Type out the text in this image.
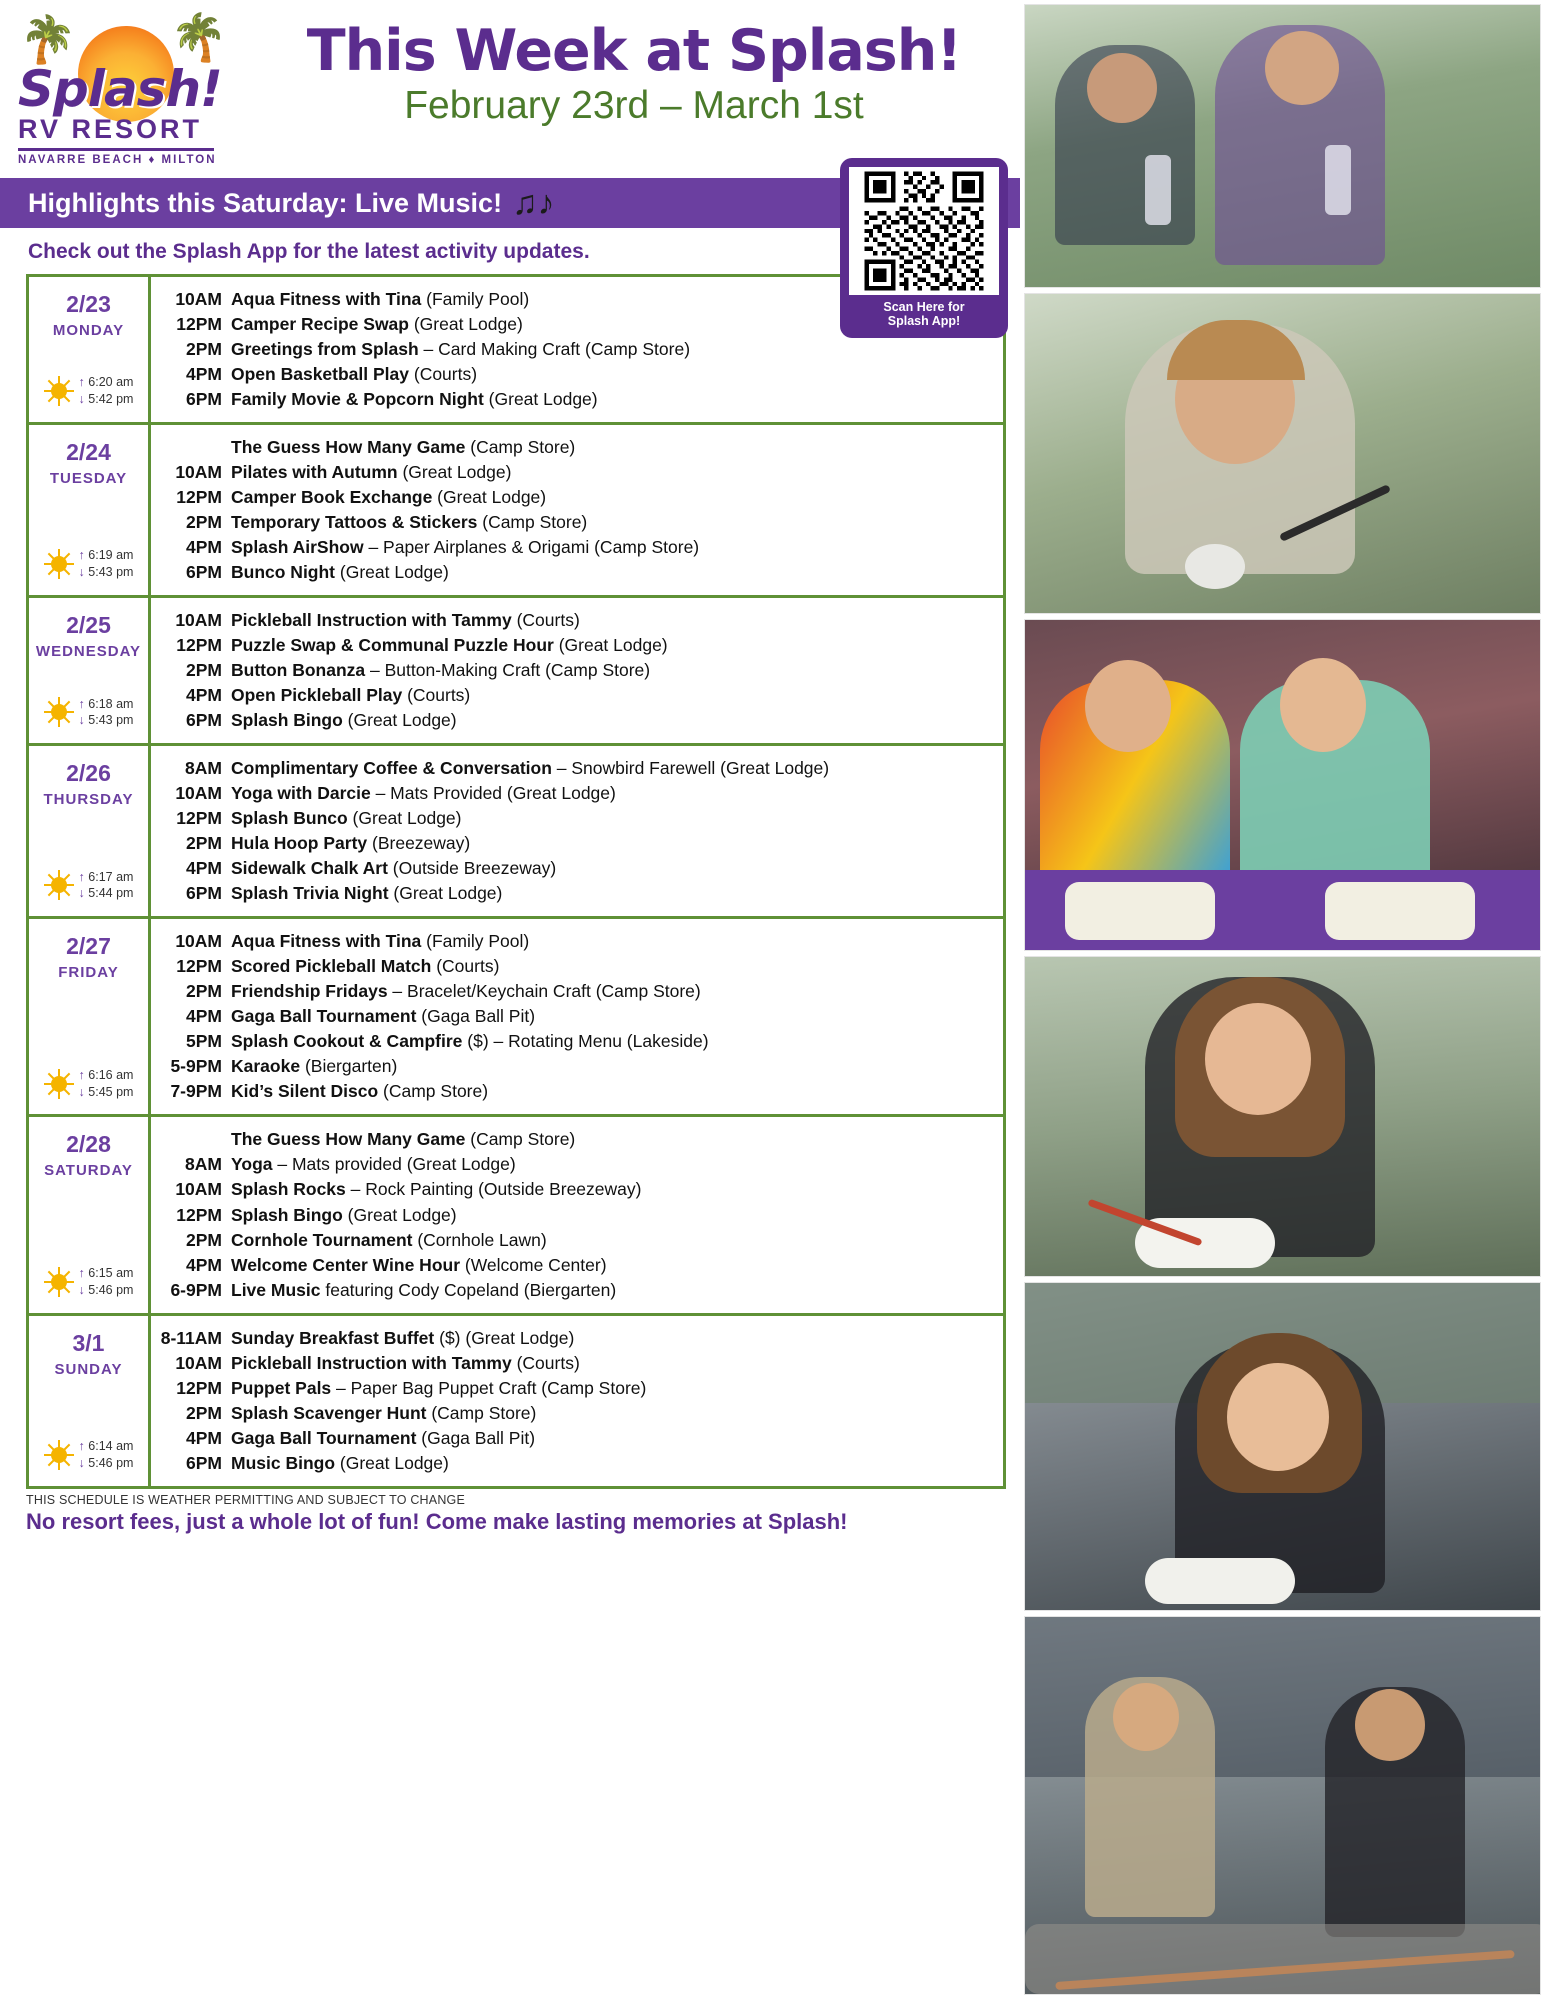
🌴 🌴
Splash!
RV RESORT
NAVARRE BEACH ♦ MILTON
This Week at Splash!
February 23rd – March 1st
Highlights this Saturday: Live Music! ♫♪
Check out the Splash App for the latest activity updates.
2/23
MONDAY
↑ 6:20 am
↓ 5:42 pm
10AM Aqua Fitness with Tina (Family Pool)
12PM Camper Recipe Swap (Great Lodge)
2PM Greetings from Splash – Card Making Craft (Camp Store)
4PM Open Basketball Play (Courts)
6PM Family Movie & Popcorn Night (Great Lodge)
2/24
TUESDAY
↑ 6:19 am
↓ 5:43 pm
The Guess How Many Game (Camp Store)
10AM Pilates with Autumn (Great Lodge)
12PM Camper Book Exchange (Great Lodge)
2PM Temporary Tattoos & Stickers (Camp Store)
4PM Splash AirShow – Paper Airplanes & Origami (Camp Store)
6PM Bunco Night (Great Lodge)
2/25
WEDNESDAY
↑ 6:18 am
↓ 5:43 pm
10AM Pickleball Instruction with Tammy (Courts)
12PM Puzzle Swap & Communal Puzzle Hour (Great Lodge)
2PM Button Bonanza – Button-Making Craft (Camp Store)
4PM Open Pickleball Play (Courts)
6PM Splash Bingo (Great Lodge)
2/26
THURSDAY
↑ 6:17 am
↓ 5:44 pm
8AM Complimentary Coffee & Conversation – Snowbird Farewell (Great Lodge)
10AM Yoga with Darcie – Mats Provided (Great Lodge)
12PM Splash Bunco (Great Lodge)
2PM Hula Hoop Party (Breezeway)
4PM Sidewalk Chalk Art (Outside Breezeway)
6PM Splash Trivia Night (Great Lodge)
2/27
FRIDAY
↑ 6:16 am
↓ 5:45 pm
10AM Aqua Fitness with Tina (Family Pool)
12PM Scored Pickleball Match (Courts)
2PM Friendship Fridays – Bracelet/Keychain Craft (Camp Store)
4PM Gaga Ball Tournament (Gaga Ball Pit)
5PM Splash Cookout & Campfire ($) – Rotating Menu (Lakeside)
5-9PM Karaoke (Biergarten)
7-9PM Kid’s Silent Disco (Camp Store)
2/28
SATURDAY
↑ 6:15 am
↓ 5:46 pm
The Guess How Many Game (Camp Store)
8AM Yoga – Mats provided (Great Lodge)
10AM Splash Rocks – Rock Painting (Outside Breezeway)
12PM Splash Bingo (Great Lodge)
2PM Cornhole Tournament (Cornhole Lawn)
4PM Welcome Center Wine Hour (Welcome Center)
6-9PM Live Music featuring Cody Copeland (Biergarten)
3/1
SUNDAY
↑ 6:14 am
↓ 5:46 pm
8-11AM Sunday Breakfast Buffet ($) (Great Lodge)
10AM Pickleball Instruction with Tammy (Courts)
12PM Puppet Pals – Paper Bag Puppet Craft (Camp Store)
2PM Splash Scavenger Hunt (Camp Store)
4PM Gaga Ball Tournament (Gaga Ball Pit)
6PM Music Bingo (Great Lodge)
THIS SCHEDULE IS WEATHER PERMITTING AND SUBJECT TO CHANGE
No resort fees, just a whole lot of fun! Come make lasting memories at Splash!
Scan Here for
Splash App!
